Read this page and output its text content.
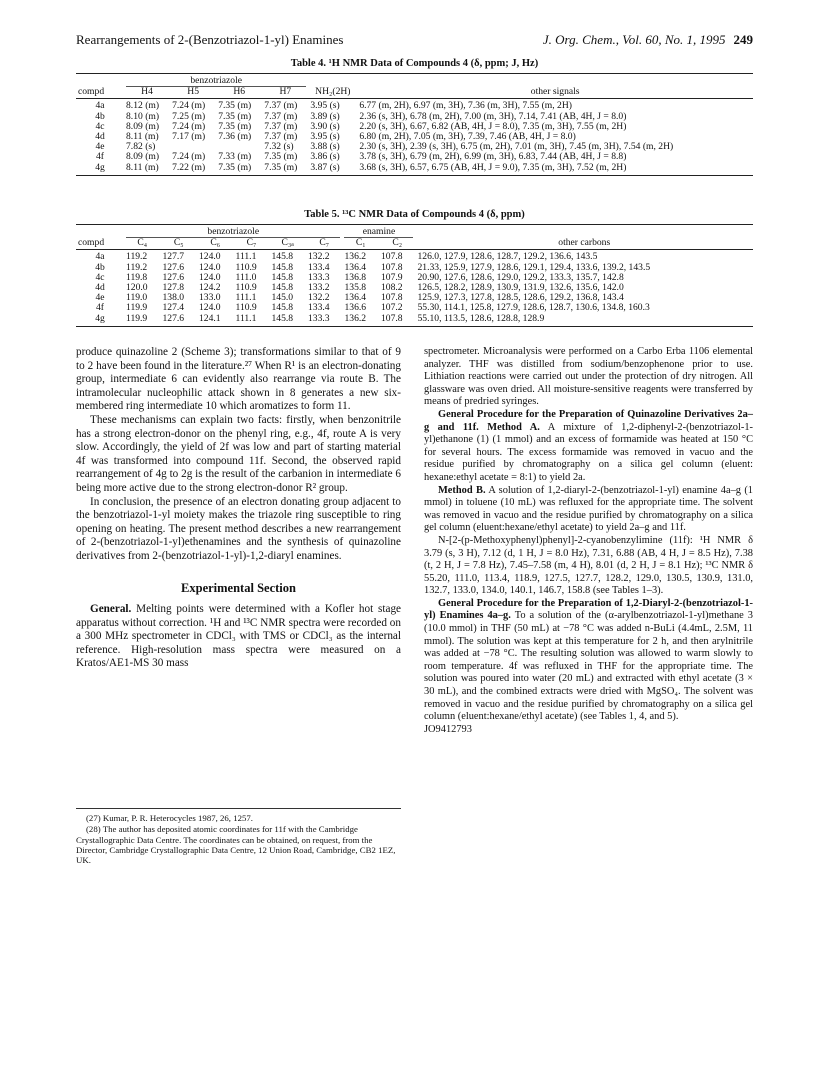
Rearrangements of 2-(Benzotriazol-1-yl) Enamines	J. Org. Chem., Vol. 60, No. 1, 1995 249
Table 4. ¹H NMR Data of Compounds 4 (δ, ppm; J, Hz)

	benzotriazole					

compd	H4	H5	H6	H7	NH₂(2H)	other signals
4a	8.12 (m)	7.24 (m)	7.35 (m)	7.37 (m)	3.95 (s)	6.77 (m, 2H), 6.97 (m, 3H), 7.36 (m, 3H), 7.55 (m, 2H)
4b	8.10 (m)	7.25 (m)	7.35 (m)	7.37 (m)	3.89 (s)	2.36 (s, 3H), 6.78 (m, 2H), 7.00 (m, 3H), 7.14, 7.41 (AB, 4H, J = 8.0)
4c	8.09 (m)	7.24 (m)	7.35 (m)	7.37 (m)	3.90 (s)	2.20 (s, 3H), 6.67, 6.82 (AB, 4H, J = 8.0), 7.35 (m, 3H), 7.55 (m, 2H)
4d	8.11 (m)	7.17 (m)	7.36 (m)	7.37 (m)	3.95 (s)	6.80 (m, 2H), 7.05 (m, 3H), 7.39, 7.46 (AB, 4H, J = 8.0)
4e	7.82 (s)			7.32 (s)	3.88 (s)	2.30 (s, 3H), 2.39 (s, 3H), 6.75 (m, 2H), 7.01 (m, 3H), 7.45 (m, 3H), 7.54 (m, 2H)
4f	8.09 (m)	7.24 (m)	7.33 (m)	7.35 (m)	3.86 (s)	3.78 (s, 3H), 6.79 (m, 2H), 6.99 (m, 3H), 6.83, 7.44 (AB, 4H, J = 8.8)
4g	8.11 (m)	7.22 (m)	7.35 (m)	7.35 (m)	3.87 (s)	3.68 (s, 3H), 6.57, 6.75 (AB, 4H, J = 9.0), 7.35 (m, 3H), 7.52 (m, 2H)
Table 5. ¹³C NMR Data of Compounds 4 (δ, ppm)

	benzotriazole						enamine		

compd	C₄	C₅	C₆	C₇	C₃ₐ	C₇	C₁	C₂	other carbons
4a	119.2	127.7	124.0	111.1	145.8	132.2	136.2	107.8	126.0, 127.9, 128.6, 128.7, 129.2, 136.6, 143.5
4b	119.2	127.6	124.0	110.9	145.8	133.4	136.4	107.8	21.33, 125.9, 127.9, 128.6, 129.1, 129.4, 133.6, 139.2, 143.5
4c	119.8	127.6	124.0	111.0	145.8	133.3	136.8	107.9	20.90, 127.6, 128.6, 129.0, 129.2, 133.3, 135.7, 142.8
4d	120.0	127.8	124.2	110.9	145.8	133.2	135.8	108.2	126.5, 128.2, 128.9, 130.9, 131.9, 132.6, 135.6, 142.0
4e	119.0	138.0	133.0	111.1	145.0	132.2	136.4	107.8	125.9, 127.3, 127.8, 128.5, 128.6, 129.2, 136.8, 143.4
4f	119.9	127.4	124.0	110.9	145.8	133.4	136.6	107.2	55.30, 114.1, 125.8, 127.9, 128.6, 128.7, 130.6, 134.8, 160.3
4g	119.9	127.6	124.1	111.1	145.8	133.3	136.2	107.8	55.10, 113.5, 128.6, 128.8, 128.9

produce quinazoline 2 (Scheme 3); transformations similar to that of 9 to 2 have been found in the literature.²⁷ When R¹ is an electron-donating group, intermediate 6 can evidently also rearrange via route B. The intramolecular nucleophilic attack shown in 8 generates a new six-membered ring intermediate 10 which aromatizes to form 11.

These mechanisms can explain two facts: firstly, when benzonitrile has a strong electron-donor on the phenyl ring, e.g., 4f, route A is very slow. Accordingly, the yield of 2f was low and part of starting material 4f was transformed into compound 11f. Second, the observed rapid rearrangement of 4g to 2g is the result of the carbanion in intermediate 6 being more active due to the strong electron-donor R² group.

In conclusion, the presence of an electron donating group adjacent to the benzotriazol-1-yl moiety makes the triazole ring susceptible to ring opening on heating. The present method describes a new rearrangement of 2-(benzotriazol-1-yl)ethenamines and the synthesis of quinazoline derivatives from 2-(benzotriazol-1-yl)-1,2-diaryl enamines.

Experimental Section

General. Melting points were determined with a Kofler hot stage apparatus without correction. ¹H and ¹³C NMR spectra were recorded on a 300 MHz spectrometer in CDCl₃ with TMS or CDCl₃ as the internal reference. High-resolution mass spectra were measured on a Kratos/AE1-MS 30 mass

(27) Kumar, P. R. Heterocycles 1987, 26, 1257.

(28) The author has deposited atomic coordinates for 11f with the Cambridge Crystallographic Data Centre. The coordinates can be obtained, on request, from the Director, Cambridge Crystallographic Data Centre, 12 Union Road, Cambridge, CB2 1EZ, UK.

spectrometer. Microanalysis were performed on a Carbo Erba 1106 elemental analyzer. THF was distilled from sodium/benzophenone prior to use. Lithiation reactions were carried out under the protection of dry nitrogen. All glassware was oven dried. All moisture-sensitive reagents were transferred by means of predried syringes.

General Procedure for the Preparation of Quinazoline Derivatives 2a–g and 11f. Method A. A mixture of 1,2-diphenyl-2-(benzotriazol-1-yl)ethanone (1) (1 mmol) and an excess of formamide was heated at 150 °C for several hours. The excess formamide was removed in vacuo and the residue purified by chromatography on a silica gel column (eluent: hexane:ethyl acetate = 8:1) to yield 2a.

Method B. A solution of 1,2-diaryl-2-(benzotriazol-1-yl) enamine 4a–g (1 mmol) in toluene (10 mL) was refluxed for the appropriate time. The solvent was removed in vacuo and the residue purified by chromatography on a silica gel column (eluent:hexane/ethyl acetate) to yield 2a–g and 11f.

N-[2-(p-Methoxyphenyl)phenyl]-2-cyanobenzylimine (11f): ¹H NMR δ 3.79 (s, 3 H), 7.12 (d, 1 H, J = 8.0 Hz), 7.31, 6.88 (AB, 4 H, J = 8.5 Hz), 7.38 (t, 2 H, J = 7.8 Hz), 7.45–7.58 (m, 4 H), 8.01 (d, 2 H, J = 8.1 Hz); ¹³C NMR δ 55.20, 111.0, 113.4, 118.9, 127.5, 127.7, 128.2, 129.0, 130.5, 130.9, 131.0, 132.7, 133.0, 134.0, 140.1, 146.7, 158.8 (see Tables 1–3).

General Procedure for the Preparation of 1,2-Diaryl-2-(benzotriazol-1-yl) Enamines 4a–g. To a solution of the (α-arylbenzotriazol-1-yl)methane 3 (10.0 mmol) in THF (50 mL) at −78 °C was added n-BuLi (4.4mL, 2.5M, 11 mmol). The solution was kept at this temperature for 2 h, and then arylnitrile was added at −78 °C. The resulting solution was allowed to warm slowly to room temperature. 4f was refluxed in THF for the appropriate time. The solution was poured into water (20 mL) and extracted with ethyl acetate (3 × 30 mL), and the combined extracts were dried with MgSO₄. The solvent was removed in vacuo and the residue purified by chromatography on a silica gel column (eluent:hexane/ethyl acetate) (see Tables 1, 4, and 5).

JO9412793
